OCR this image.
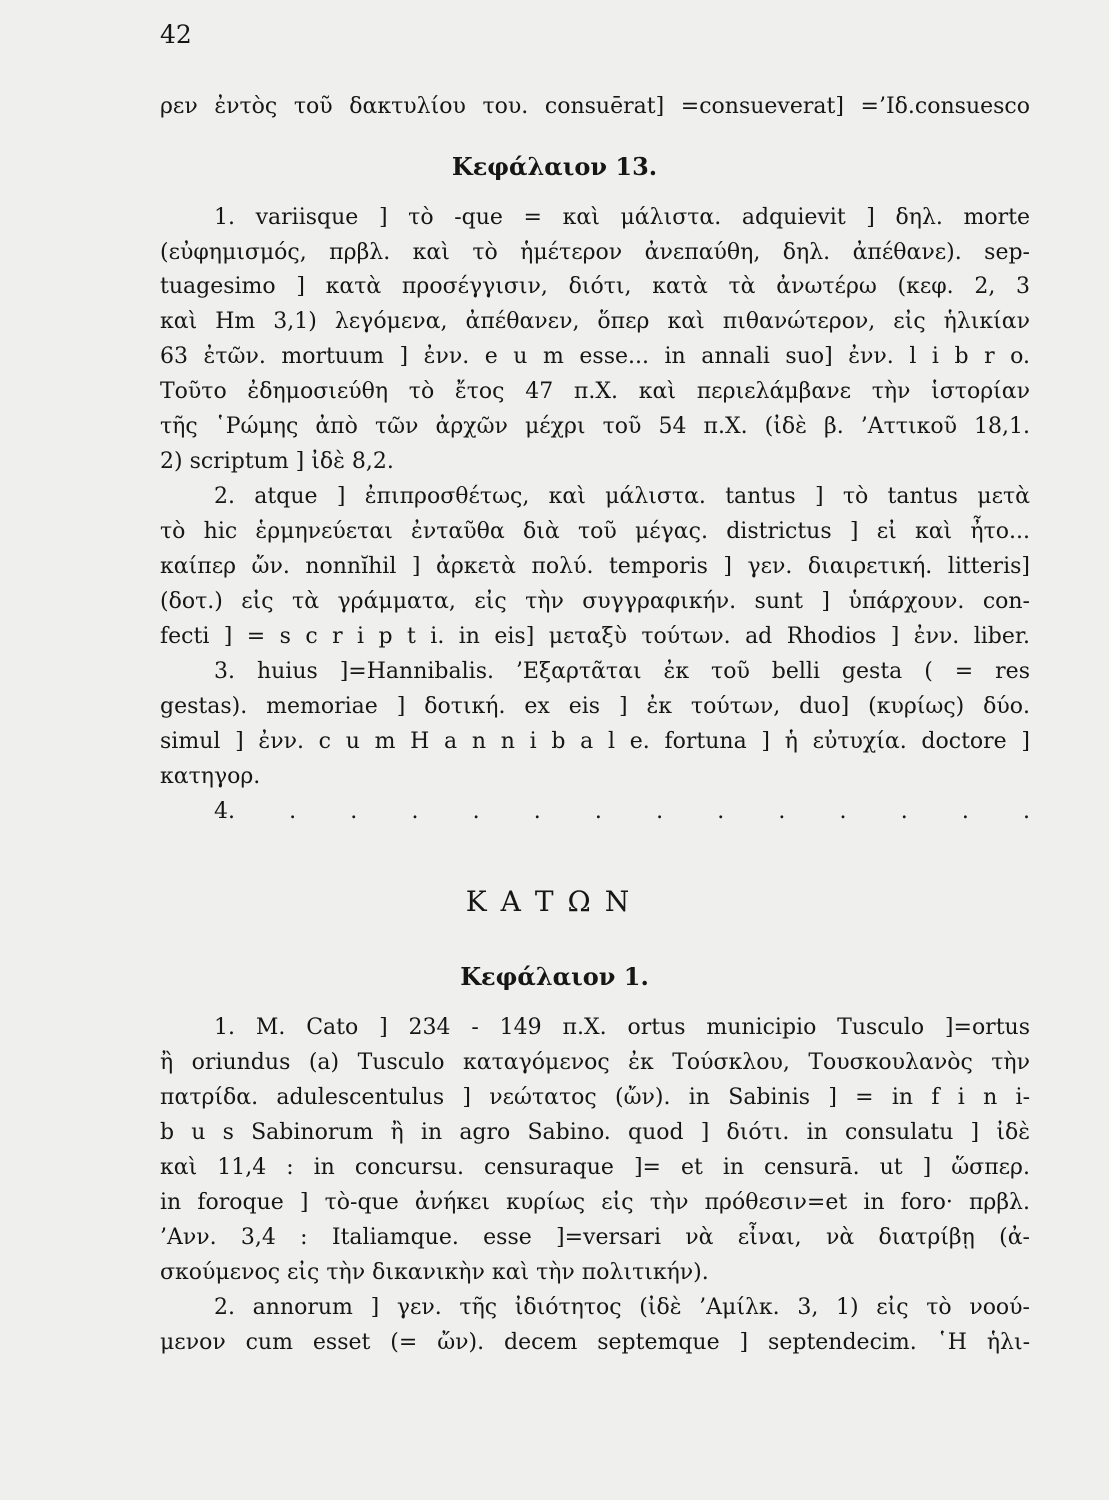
42
ρεν ἐντὸς τοῦ δακτυλίου του. consuērat] =consueverat] =’Ιδ.consuesco
Κεφάλαιον 13.
1. variisque ] τὸ -que = καὶ μάλιστα. adquievit ] δηλ. morte
(εὐφημισμός, πρβλ. καὶ τὸ ἡμέτερον ἀνεπαύθη, δηλ. ἀπέθανε). sep-
tuagesimo ] κατὰ προσέγγισιν, διότι, κατὰ τὰ ἀνωτέρω (κεφ. 2, 3
καὶ Hm 3,1) λεγόμενα, ἀπέθανεν, ὅπερ καὶ πιθανώτερον, εἰς ἡλικίαν
63 ἐτῶν. mortuum ] ἐνν. e u m esse... in annali suo] ἐνν. l i b r o.
Τοῦτο ἐδημοσιεύθη τὸ ἔτος 47 π.Χ. καὶ περιελάμβανε τὴν ἱστορίαν
τῆς ῾Ρώμης ἀπὸ τῶν ἀρχῶν μέχρι τοῦ 54 π.Χ. (ἰδὲ β. ’Αττικοῦ 18,1.
2) scriptum ] ἰδὲ 8,2.
2. atque ] ἐπιπροσθέτως, καὶ μάλιστα. tantus ] τὸ tantus μετὰ
τὸ hic ἑρμηνεύεται ἐνταῦθα διὰ τοῦ μέγας. districtus ] εἰ καὶ ἦτο...
καίπερ ὤν. nonnĭhil ] ἀρκετὰ πολύ. temporis ] γεν. διαιρετική. litteris]
(δοτ.) εἰς τὰ γράμματα, εἰς τὴν συγγραφικήν. sunt ] ὑπάρχουν. con-
fecti ] = s c r i p t i. in eis] μεταξὺ τούτων. ad Rhodios ] ἐνν. liber.
3. huius ]=Hannibalis. ’Εξαρτᾶται ἐκ τοῦ belli gesta ( = res
gestas). memoriae ] δοτική. ex eis ] ἐκ τούτων, duo] (κυρίως) δύο.
simul ] ἐνν. c u m H a n n i b a l e. fortuna ] ἡ εὐτυχία. doctore ]
κατηγορ.
4. . . . . . . . . . . . . .
ΚΑΤΩΝ
Κεφάλαιον 1.
1. M. Cato ] 234 - 149 π.Χ. ortus municipio Tusculo ]=ortus
ἢ oriundus (a) Tusculo καταγόμενος ἐκ Τούσκλου, Τουσκουλανὸς τὴν
πατρίδα. adulescentulus ] νεώτατος (ὤν). in Sabinis ] = in f i n i-
b u s Sabinorum ἢ in agro Sabino. quod ] διότι. in consulatu ] ἰδὲ
καὶ 11,4 : in concursu. censuraque ]= et in censurā. ut ] ὥσπερ.
in foroque ] τὸ-que ἀνήκει κυρίως εἰς τὴν πρόθεσιν=et in foro· πρβλ.
’Ανν. 3,4 : Italiamque. esse ]=versari νὰ εἶναι, νὰ διατρίβῃ (ἀ-
σκούμενος εἰς τὴν δικανικὴν καὶ τὴν πολιτικήν).
2. annorum ] γεν. τῆς ἰδιότητος (ἰδὲ ’Αμίλκ. 3, 1) εἰς τὸ νοού-
μενον cum esset (= ὤν). decem septemque ] septendecim. ῾Η ἡλι-
